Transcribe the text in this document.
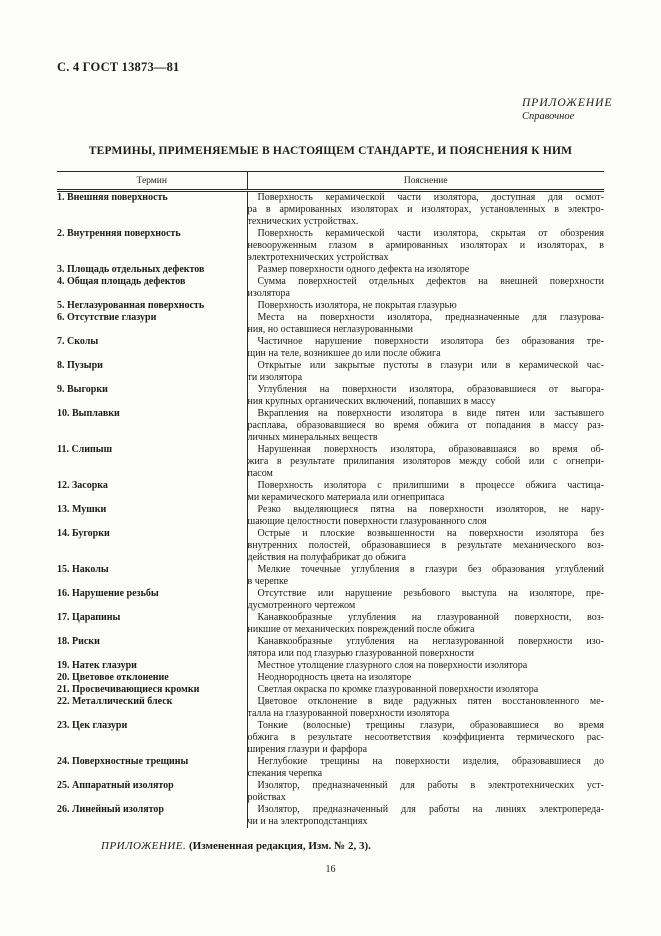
С. 4 ГОСТ 13873—81
ПРИЛОЖЕНИЕ
Справочное
ТЕРМИНЫ, ПРИМЕНЯЕМЫЕ В НАСТОЯЩЕМ СТАНДАРТЕ, И ПОЯСНЕНИЯ К НИМ
Термин	Пояснение
1. Внешняя поверхность	Поверхность керамической части изолятора, доступная для осмот-
ра в армированных изоляторах и изоляторах, установленных в электро-
технических устройствах.

2. Внутренняя поверхность	Поверхность керамической части изолятора, скрытая от обозрения
невооруженным глазом в армированных изоляторах и изоляторах, в
электротехнических устройствах

3. Площадь отдельных дефектов	Размер поверхности одного дефекта на изоляторе

4. Общая площадь дефектов	Сумма поверхностей отдельных дефектов на внешней поверхности
изолятора

5. Неглазурованная поверхность	Поверхность изолятора, не покрытая глазурью

6. Отсутствие глазури	Места на поверхности изолятора, предназначенные для глазурова-
ния, но оставшиеся неглазурованными

7. Сколы	Частичное нарушение поверхности изолятора без образования тре-
щин на теле, возникшее до или после обжига

8. Пузыри	Открытые или закрытые пустоты в глазури или в керамической час-
ти изолятора

9. Выгорки	Углубления на поверхности изолятора, образовавшиеся от выгора-
ния крупных органических включений, попавших в массу

10. Выплавки	Вкрапления на поверхности изолятора в виде пятен или застывшего
расплава, образовавшиеся во время обжига от попадания в массу раз-
личных минеральных веществ

11. Слипыш	Нарушенная поверхность изолятора, образовавшаяся во время об-
жига в результате прилипания изоляторов между собой или с огнепри-
пасом

12. Засорка	Поверхность изолятора с прилипшими в процессе обжига частица-
ми керамического материала или огнеприпаса

13. Мушки	Резко выделяющиеся пятна на поверхности изоляторов, не нару-
шающие целостности поверхности глазурованного слоя

14. Бугорки	Острые и плоские возвышенности на поверхности изолятора без
внутренних полостей, образовавшиеся в результате механического воз-
действия на полуфабрикат до обжига

15. Наколы	Мелкие точечные углубления в глазури без образования углублений
в черепке

16. Нарушение резьбы	Отсутствие или нарушение резьбового выступа на изоляторе, пре-
дусмотренного чертежом

17. Царапины	Канавкообразные углубления на глазурованной поверхности, воз-
никшие от механических повреждений после обжига

18. Риски	Канавкообразные углубления на неглазурованной поверхности изо-
лятора или под глазурью глазурованной поверхности

19. Натек глазури	Местное утолщение глазурного слоя на поверхности изолятора

20. Цветовое отклонение	Неоднородность цвета на изоляторе

21. Просвечивающиеся кромки	Светлая окраска по кромке глазурованной поверхности изолятора

22. Металлический блеск	Цветовое отклонение в виде радужных пятен восстановленного ме-
талла на глазурованной поверхности изолятора

23. Цек глазури	Тонкие (волосные) трещины глазури, образовавшиеся во время
обжига в результате несоответствия коэффициента термического рас-
ширения глазури и фарфора

24. Поверхностные трещины	Неглубокие трещины на поверхности изделия, образовавшиеся до
спекания черепка

25. Аппаратный изолятор	Изолятор, предназначенный для работы в электротехнических уст-
ройствах

26. Линейный изолятор	Изолятор, предназначенный для работы на линиях электропереда-
чи и на электроподстанциях
ПРИЛОЖЕНИЕ. (Измененная редакция, Изм. № 2, 3).
16
